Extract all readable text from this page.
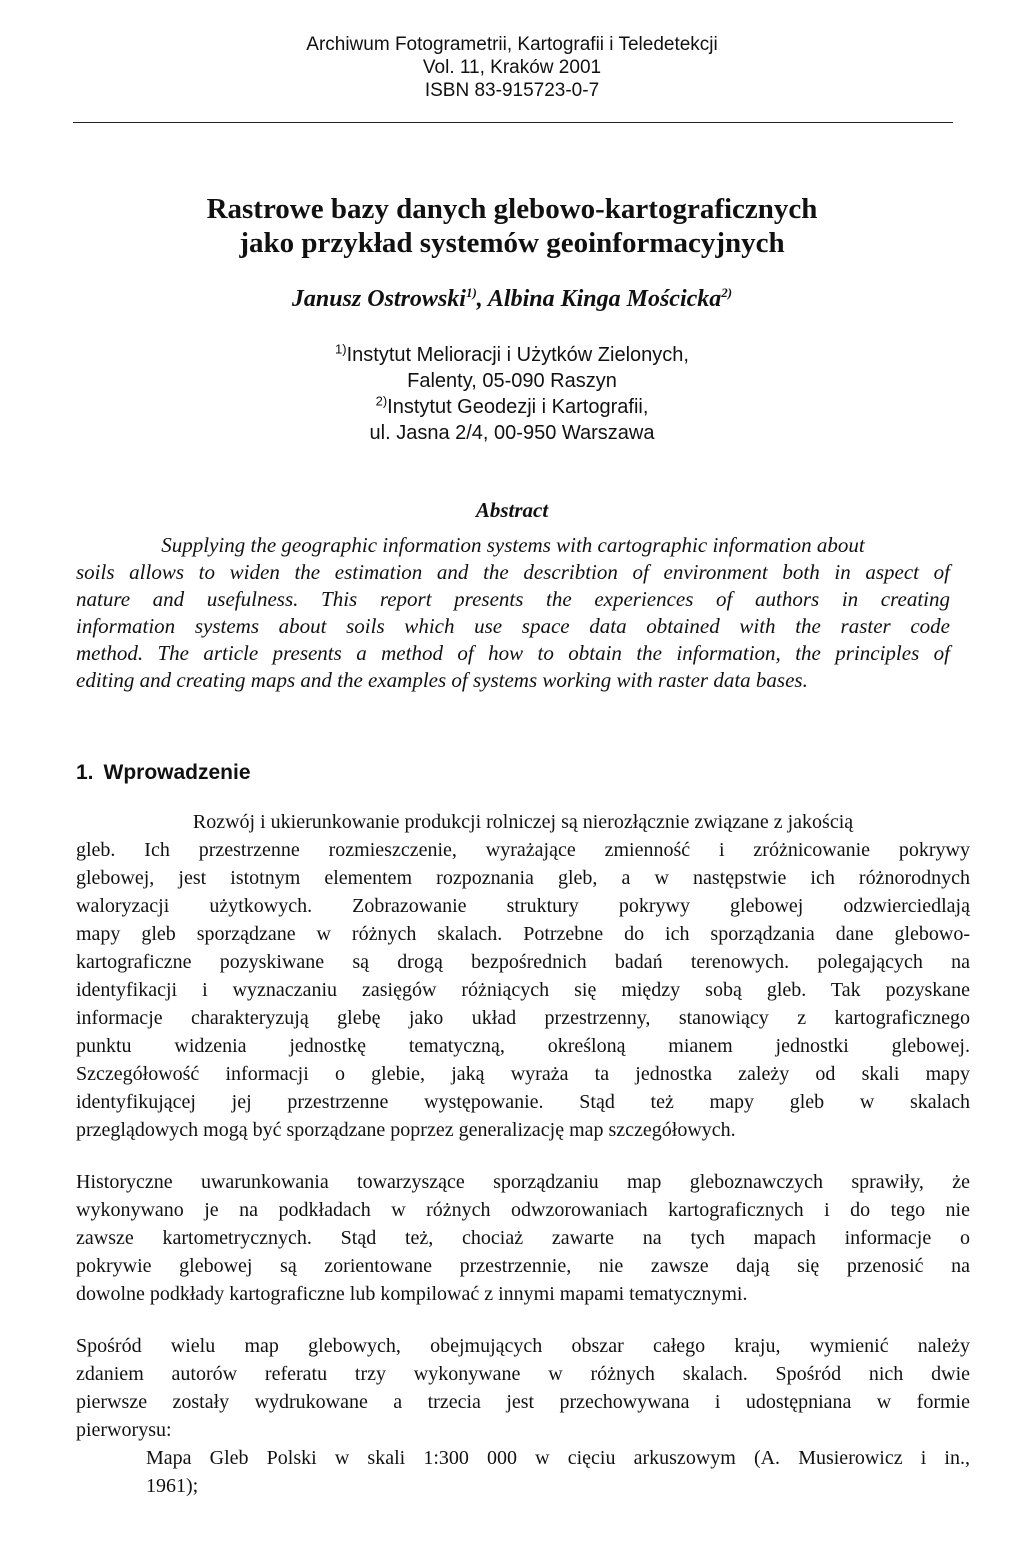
Archiwum Fotogrametrii, Kartografii i Teledetekcji
Vol. 11, Kraków 2001
ISBN 83-915723-0-7
Rastrowe bazy danych glebowo-kartograficznych
jako przykład systemów geoinformacyjnych
Janusz Ostrowski$^{1)}$, Albina Kinga Mościcka$^{2)}$
$^{1)}$Instytut Melioracji i Użytków Zielonych,
Falenty, 05-090 Raszyn
$^{2)}$Instytut Geodezji i Kartografii,
ul. Jasna 2/4, 00-950 Warszawa
Abstract
Supplying the geographic information systems with cartographic information about
soils allows to widen the estimation and the describtion of environment both in aspect of
nature and usefulness. This report presents the experiences of authors in creating
information systems about soils which use space data obtained with the raster code
method. The article presents a method of how to obtain the information, the principles of
editing and creating maps and the examples of systems working with raster data bases.
1. Wprowadzenie
Rozwój i ukierunkowanie produkcji rolniczej są nierozłącznie związane z jakością
gleb. Ich przestrzenne rozmieszczenie, wyrażające zmienność i zróżnicowanie pokrywy
glebowej, jest istotnym elementem rozpoznania gleb, a w następstwie ich różnorodnych
waloryzacji użytkowych. Zobrazowanie struktury pokrywy glebowej odzwierciedlają
mapy gleb sporządzane w różnych skalach. Potrzebne do ich sporządzania dane glebowo-
kartograficzne pozyskiwane są drogą bezpośrednich badań terenowych. polegających na
identyfikacji i wyznaczaniu zasięgów różniących się między sobą gleb. Tak pozyskane
informacje charakteryzują glebę jako układ przestrzenny, stanowiący z kartograficznego
punktu widzenia jednostkę tematyczną, określoną mianem jednostki glebowej.
Szczegółowość informacji o glebie, jaką wyraża ta jednostka zależy od skali mapy
identyfikującej jej przestrzenne występowanie. Stąd też mapy gleb w skalach
przeglądowych mogą być sporządzane poprzez generalizację map szczegółowych.
Historyczne uwarunkowania towarzyszące sporządzaniu map gleboznawczych sprawiły, że
wykonywano je na podkładach w różnych odwzorowaniach kartograficznych i do tego nie
zawsze kartometrycznych. Stąd też, chociaż zawarte na tych mapach informacje o
pokrywie glebowej są zorientowane przestrzennie, nie zawsze dają się przenosić na
dowolne podkłady kartograficzne lub kompilować z innymi mapami tematycznymi.
Spośród wielu map glebowych, obejmujących obszar całego kraju, wymienić należy
zdaniem autorów referatu trzy wykonywane w różnych skalach. Spośród nich dwie
pierwsze zostały wydrukowane a trzecia jest przechowywana i udostępniana w formie
pierworysu:
Mapa Gleb Polski w skali 1:300 000 w cięciu arkuszowym (A. Musierowicz i in.,
1961);
